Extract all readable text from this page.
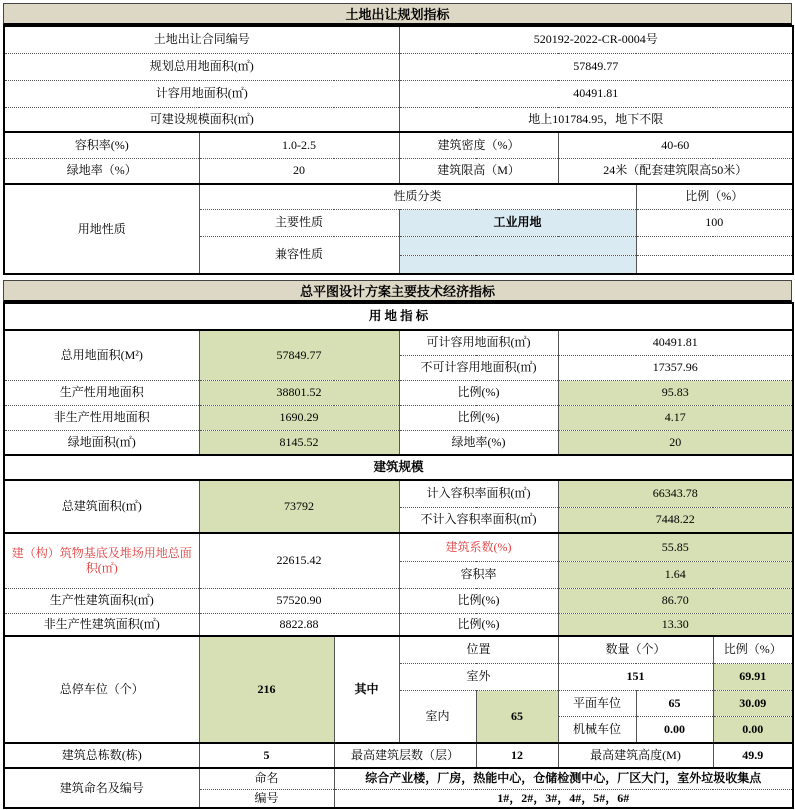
土地出让规划指标
土地出让合同编号		520192-2022-CR-0004号		
规划总用地面积(㎡)		57849.77		
计容用地面积(㎡)		40491.81		
可建设规模面积(㎡)		地上101784.95，地下不限		
容积率(%)	1.0-2.5	建筑密度（%）	40-60	
绿地率（%）	20	建筑限高（M）	24米（配套建筑限高50米）	
用地性质	性质分类			比例（%）
	主要性质	工业用地		100
	兼容性质			

总平图设计方案主要技术经济指标
用 地 指 标							
总用地面积(M²)	57849.77		可计容用地面积(㎡)		40491.81		
			不可计容用地面积(㎡)		17357.96		
生产性用地面积	38801.52		比例(%)		95.83		
非生产性用地面积	1690.29		比例(%)		4.17		
绿地面积(㎡)	8145.52		绿地率(%)		20		
建筑规模							
总建筑面积(㎡)	73792		计入容积率面积(㎡)		66343.78		
			不计入容积率面积(㎡)		7448.22		
建（构）筑物基底及堆场用地总面积(㎡)	22615.42		建筑系数(%)		55.85		
			容积率		1.64		
生产性建筑面积(㎡)	57520.90		比例(%)		86.70		
非生产性建筑面积(㎡)	8822.88		比例(%)		13.30		
总停车位（个）	216	其中	位置		数量（个）		比例（%）
			室外		151		69.91
			室内	65	平面车位	65	30.09
					机械车位	0.00	0.00
建筑总栋数(栋)	5	最高建筑层数（层）		12	最高建筑高度(M)		49.9
建筑命名及编号	命名	综合产业楼，厂房，热能中心，仓储检测中心，厂区大门，室外垃圾收集点					
	编号	1#，2#，3#，4#，5#，6#					
